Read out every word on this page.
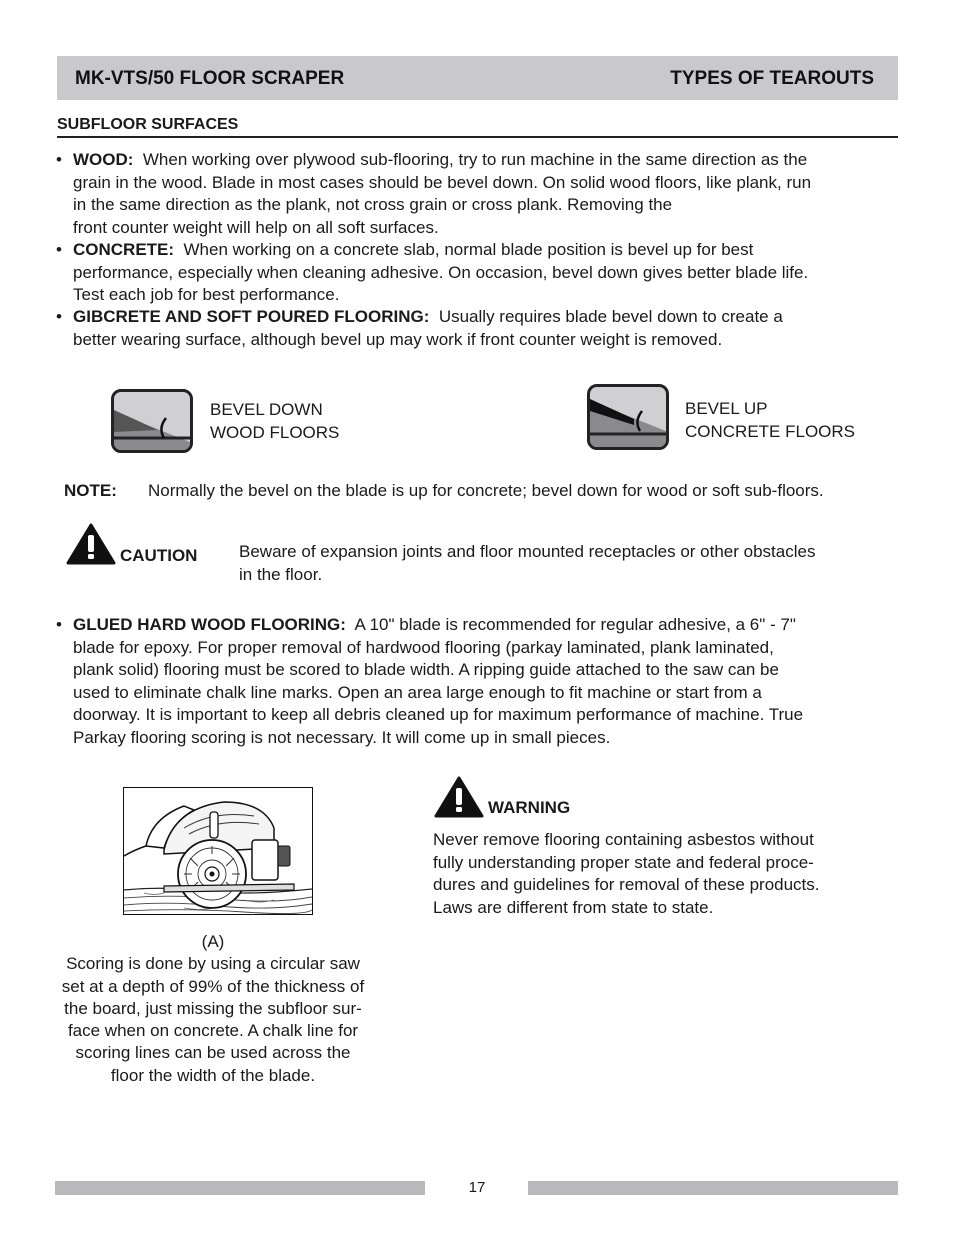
MK-VTS/50 FLOOR SCRAPER	TYPES OF TEAROUTS
SUBFLOOR SURFACES
• WOOD: When working over plywood sub-flooring, try to run machine in the same direction as the
grain in the wood. Blade in most cases should be bevel down. On solid wood floors, like plank, run
in the same direction as the plank, not cross grain or cross plank. Removing the
front counter weight will help on all soft surfaces.
• CONCRETE: When working on a concrete slab, normal blade position is bevel up for best
performance, especially when cleaning adhesive. On occasion, bevel down gives better blade life.
Test each job for best performance.
• GIBCRETE AND SOFT POURED FLOORING: Usually requires blade bevel down to create a
better wearing surface, although bevel up may work if front counter weight is removed.
BEVEL DOWN
WOOD FLOORS
BEVEL UP
CONCRETE FLOORS
NOTE: Normally the bevel on the blade is up for concrete; bevel down for wood or soft sub-floors.
CAUTION Beware of expansion joints and floor mounted receptacles or other obstacles
in the floor.
• GLUED HARD WOOD FLOORING: A 10" blade is recommended for regular adhesive, a 6" - 7"
blade for epoxy. For proper removal of hardwood flooring (parkay laminated, plank laminated,
plank solid) flooring must be scored to blade width. A ripping guide attached to the saw can be
used to eliminate chalk line marks. Open an area large enough to fit machine or start from a
doorway. It is important to keep all debris cleaned up for maximum performance of machine. True
Parkay flooring scoring is not necessary. It will come up in small pieces.
(A)
Scoring is done by using a circular saw
set at a depth of 99% of the thickness of
the board, just missing the subfloor sur-
face when on concrete. A chalk line for
scoring lines can be used across the
floor the width of the blade.
WARNING
Never remove flooring containing asbestos without
fully understanding proper state and federal proce-
dures and guidelines for removal of these products.
Laws are different from state to state.
17
